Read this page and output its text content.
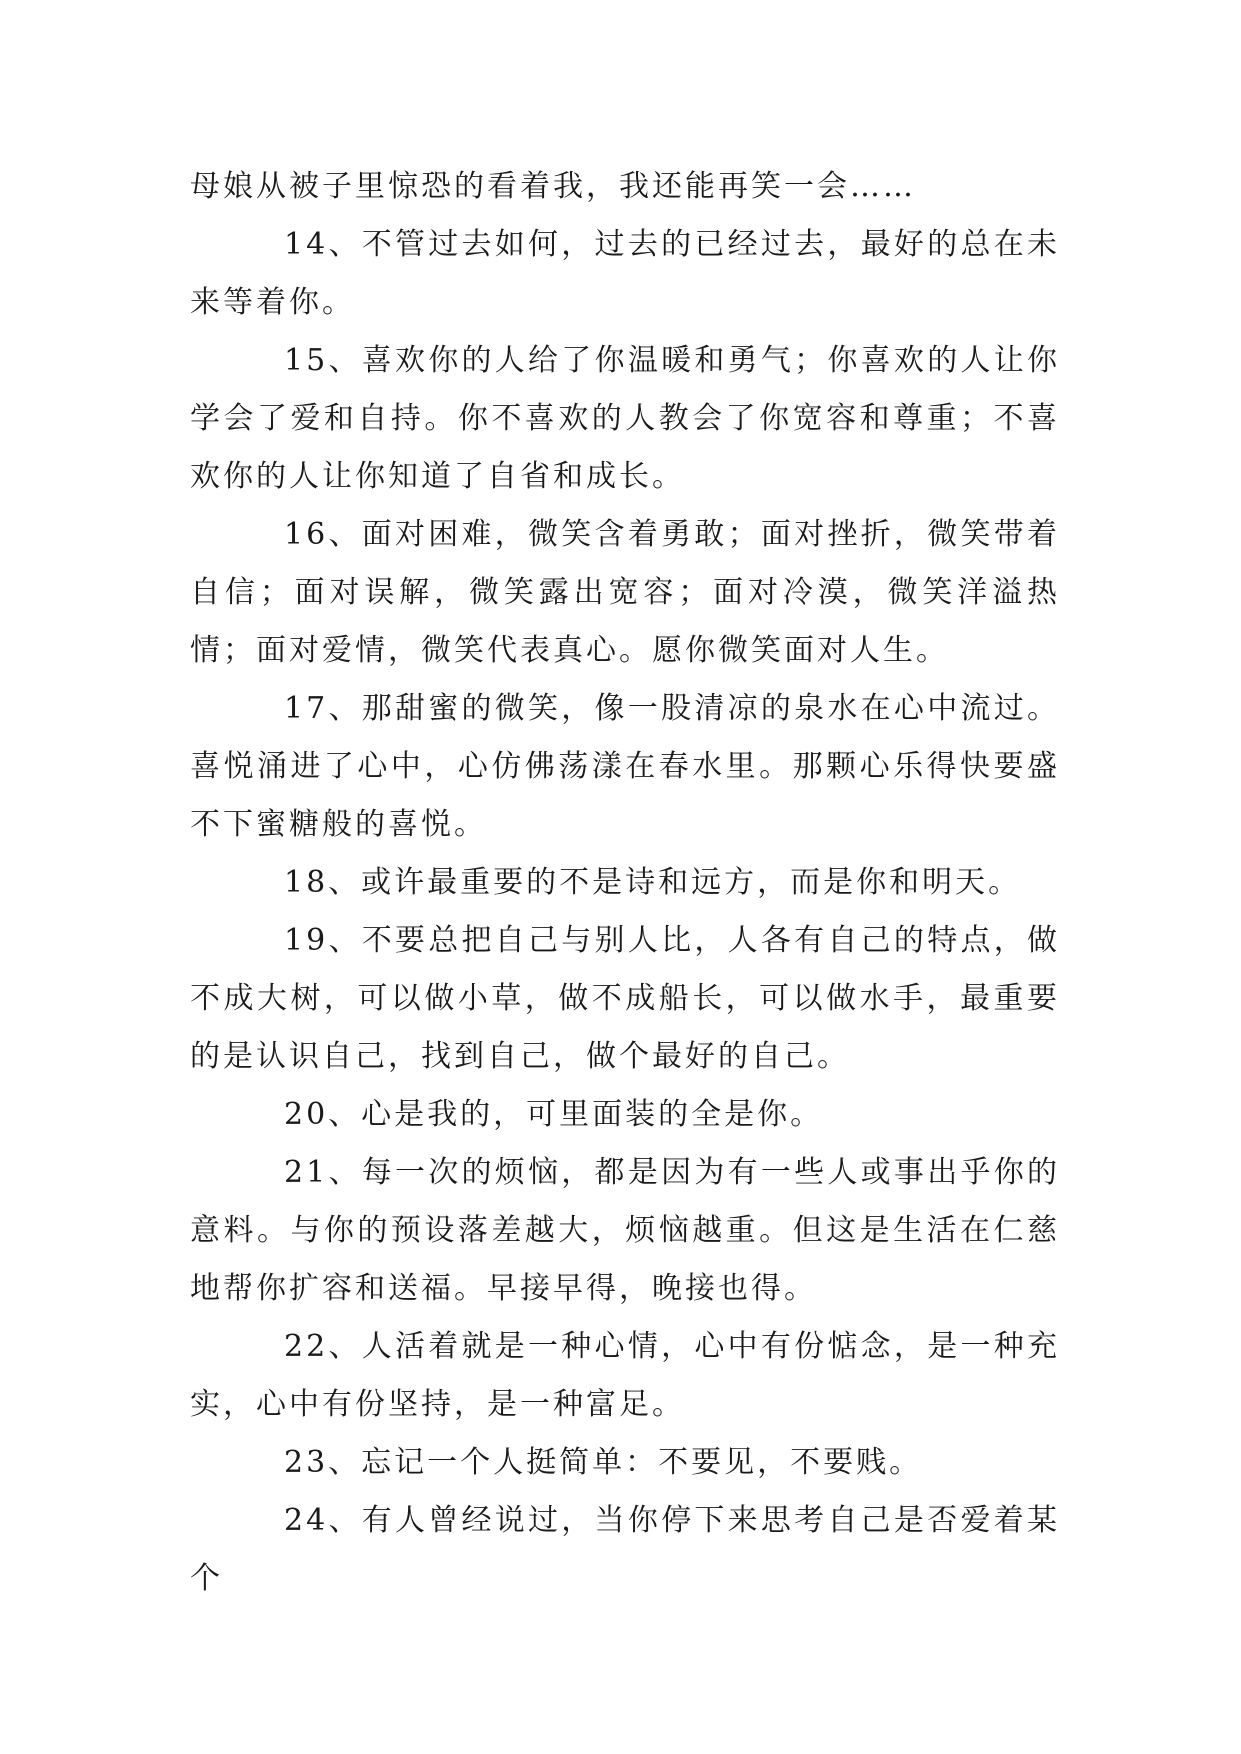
母娘从被子里惊恐的看着我，我还能再笑一会……

14、不管过去如何，过去的已经过去，最好的总在未来等着你。

15、喜欢你的人给了你温暖和勇气；你喜欢的人让你学会了爱和自持。你不喜欢的人教会了你宽容和尊重；不喜欢你的人让你知道了自省和成长。

16、面对困难，微笑含着勇敢；面对挫折，微笑带着自信；面对误解，微笑露出宽容；面对冷漠，微笑洋溢热情；面对爱情，微笑代表真心。愿你微笑面对人生。

17、那甜蜜的微笑，像一股清凉的泉水在心中流过。喜悦涌进了心中，心仿佛荡漾在春水里。那颗心乐得快要盛不下蜜糖般的喜悦。

18、或许最重要的不是诗和远方，而是你和明天。

19、不要总把自己与别人比，人各有自己的特点，做不成大树，可以做小草，做不成船长，可以做水手，最重要的是认识自己，找到自己，做个最好的自己。

20、心是我的，可里面装的全是你。

21、每一次的烦恼，都是因为有一些人或事出乎你的意料。与你的预设落差越大，烦恼越重。但这是生活在仁慈地帮你扩容和送福。早接早得，晚接也得。

22、人活着就是一种心情，心中有份惦念，是一种充实，心中有份坚持，是一种富足。

23、忘记一个人挺简单：不要见，不要贱。

24、有人曾经说过，当你停下来思考自己是否爱着某个
